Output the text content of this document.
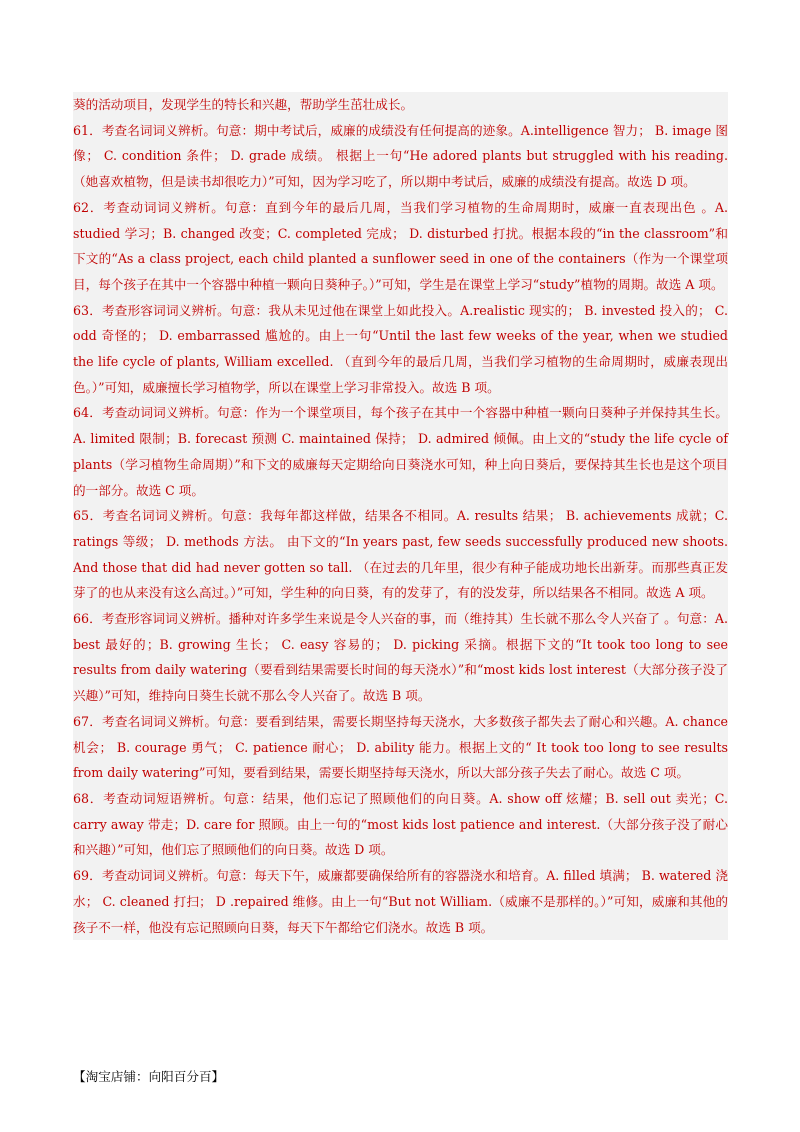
葵的活动项目，发现学生的特长和兴趣，帮助学生茁壮成长。

61．考查名词词义辨析。句意：期中考试后，威廉的成绩没有任何提高的迹象。A.intelligence 智力； B. image 图像； C. condition 条件； D. grade 成绩。 根据上一句“He adored plants but struggled with his reading. （她喜欢植物，但是读书却很吃力）”可知，因为学习吃了，所以期中考试后，威廉的成绩没有提高。故选 D 项。

62．考查动词词义辨析。句意：直到今年的最后几周，当我们学习植物的生命周期时，威廉一直表现出色 。A. studied 学习；B. changed 改变；C. completed 完成； D. disturbed 打扰。根据本段的“in the classroom”和下文的“As a class project, each child planted a sunflower seed in one of the containers（作为一个课堂项目，每个孩子在其中一个容器中种植一颗向日葵种子。）”可知，学生是在课堂上学习“study”植物的周期。故选 A 项。

63．考查形容词词义辨析。句意：我从未见过他在课堂上如此投入。A.realistic 现实的； B. invested 投入的； C. odd 奇怪的； D. embarrassed 尴尬的。由上一句“Until the last few weeks of the year, when we studied the life cycle of plants, William excelled. （直到今年的最后几周，当我们学习植物的生命周期时，威廉表现出色。）”可知，威廉擅长学习植物学，所以在课堂上学习非常投入。故选 B 项。

64．考查动词词义辨析。句意：作为一个课堂项目，每个孩子在其中一个容器中种植一颗向日葵种子并保持其生长。A. limited 限制；B. forecast 预测 C. maintained 保持； D. admired 倾佩。由上文的“study the life cycle of plants（学习植物生命周期）”和下文的威廉每天定期给向日葵浇水可知，种上向日葵后，要保持其生长也是这个项目的一部分。故选 C 项。

65．考查名词词义辨析。句意：我每年都这样做，结果各不相同。A. results 结果； B. achievements 成就；C. ratings 等级； D. methods 方法。 由下文的“In years past, few seeds successfully produced new shoots. And those that did had never gotten so tall. （在过去的几年里，很少有种子能成功地长出新芽。而那些真正发芽了的也从来没有这么高过。）”可知，学生种的向日葵，有的发芽了，有的没发芽，所以结果各不相同。故选 A 项。

66．考查形容词词义辨析。播种对许多学生来说是令人兴奋的事，而（维持其）生长就不那么令人兴奋了 。句意：A. best 最好的；B. growing 生长； C. easy 容易的； D. picking 采摘。根据下文的“It took too long to see results from daily watering（要看到结果需要长时间的每天浇水）”和“most kids lost interest（大部分孩子没了兴趣）”可知，维持向日葵生长就不那么令人兴奋了。故选 B 项。

67．考查名词词义辨析。句意：要看到结果，需要长期坚持每天浇水，大多数孩子都失去了耐心和兴趣。A. chance 机会； B. courage 勇气； C. patience 耐心； D. ability 能力。根据上文的“ It took too long to see results from daily watering”可知，要看到结果，需要长期坚持每天浇水，所以大部分孩子失去了耐心。故选 C 项。

68．考查动词短语辨析。句意：结果，他们忘记了照顾他们的向日葵。A. show off 炫耀；B. sell out 卖光；C. carry away 带走；D. care for 照顾。由上一句的“most kids lost patience and interest.（大部分孩子没了耐心和兴趣）”可知，他们忘了照顾他们的向日葵。故选 D 项。

69．考查动词词义辨析。句意：每天下午，威廉都要确保给所有的容器浇水和培育。A. filled 填满； B. watered 浇水； C. cleaned 打扫； D .repaired 维修。由上一句“But not William.（威廉不是那样的。）”可知，威廉和其他的孩子不一样，他没有忘记照顾向日葵，每天下午都给它们浇水。故选 B 项。

【淘宝店铺：向阳百分百】
